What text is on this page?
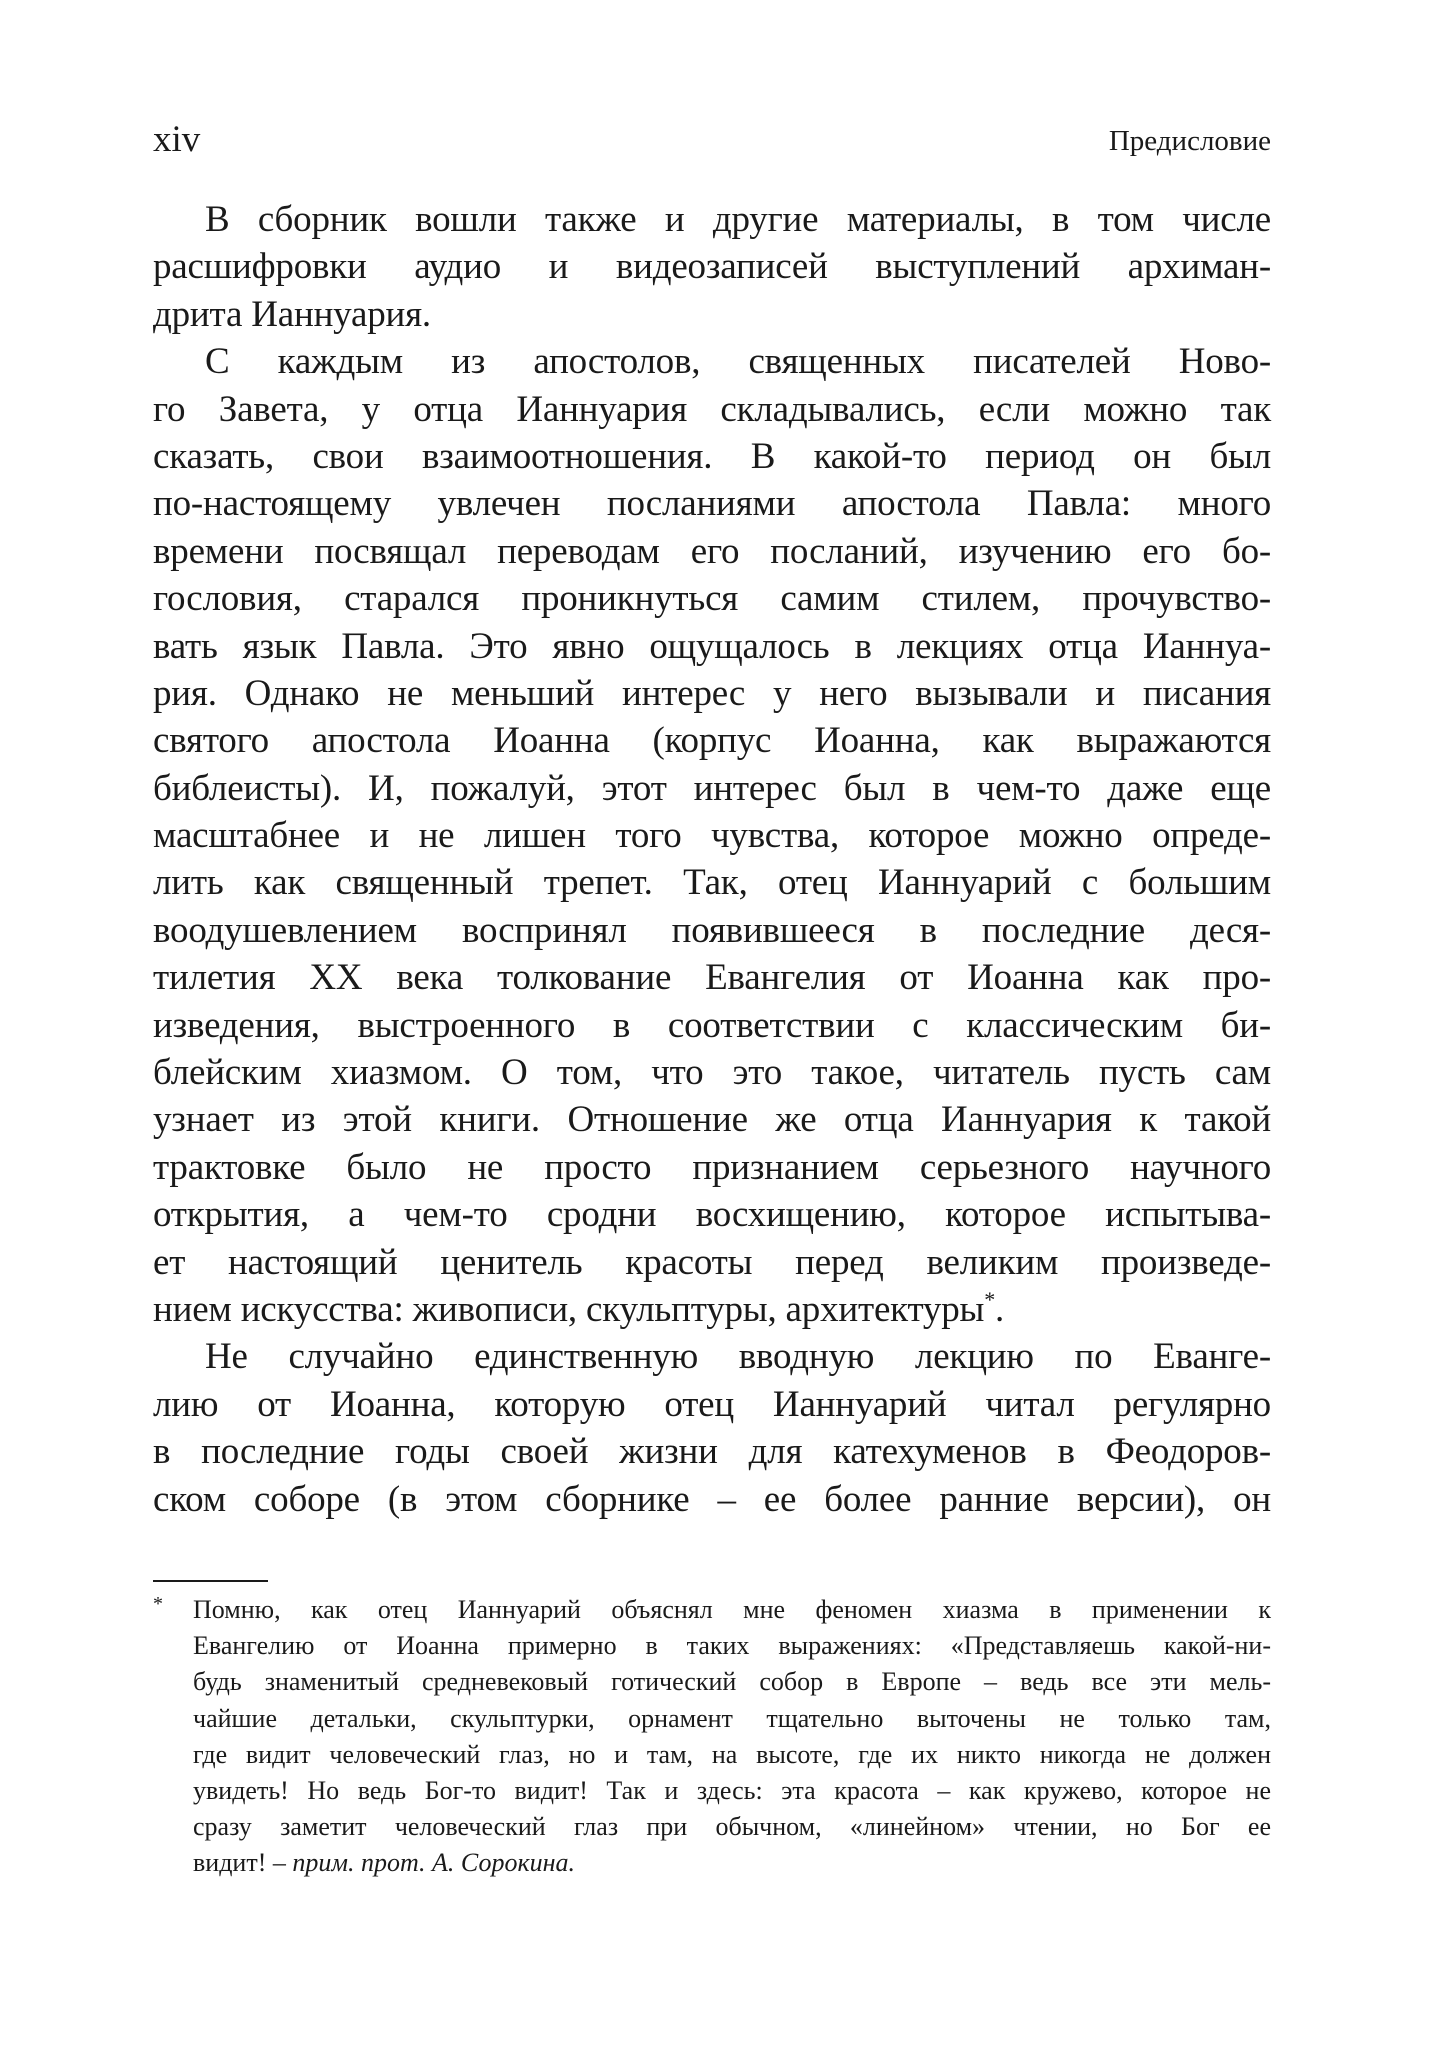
xiv	Предисловие
В сборник вошли также и другие материалы, в том числе
расшифровки аудио и видеозаписей выступлений архиман-
дрита Ианнуария.
С каждым из апостолов, священных писателей Ново-
го Завета, у отца Ианнуария складывались, если можно так
сказать, свои взаимоотношения. В какой-то период он был
по-настоящему увлечен посланиями апостола Павла: много
времени посвящал переводам его посланий, изучению его бо-
гословия, старался проникнуться самим стилем, прочувство-
вать язык Павла. Это явно ощущалось в лекциях отца Ианнуа-
рия. Однако не меньший интерес у него вызывали и писания
святого апостола Иоанна (корпус Иоанна, как выражаются
библеисты). И, пожалуй, этот интерес был в чем-то даже еще
масштабнее и не лишен того чувства, которое можно опреде-
лить как священный трепет. Так, отец Ианнуарий с большим
воодушевлением воспринял появившееся в последние деся-
тилетия XX века толкование Евангелия от Иоанна как про-
изведения, выстроенного в соответствии с классическим би-
блейским хиазмом. О том, что это такое, читатель пусть сам
узнает из этой книги. Отношение же отца Ианнуария к такой
трактовке было не просто признанием серьезного научного
открытия, а чем-то сродни восхищению, которое испытыва-
ет настоящий ценитель красоты перед великим произведе-
нием искусства: живописи, скульптуры, архитектуры*.
Не случайно единственную вводную лекцию по Еванге-
лию от Иоанна, которую отец Ианнуарий читал регулярно
в последние годы своей жизни для катехуменов в Феодоров-
ском соборе (в этом сборнике – ее более ранние версии), он
* Помню, как отец Ианнуарий объяснял мне феномен хиазма в применении к
Евангелию от Иоанна примерно в таких выражениях: «Представляешь какой-ни-
будь знаменитый средневековый готический собор в Европе – ведь все эти мель-
чайшие детальки, скульптурки, орнамент тщательно выточены не только там,
где видит человеческий глаз, но и там, на высоте, где их никто никогда не должен
увидеть! Но ведь Бог-то видит! Так и здесь: эта красота – как кружево, которое не
сразу заметит человеческий глаз при обычном, «линейном» чтении, но Бог ее
видит! – прим. прот. А. Сорокина.
